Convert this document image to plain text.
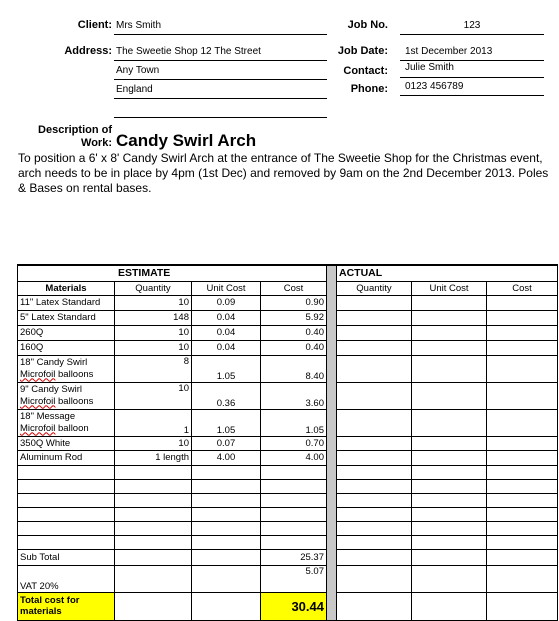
Client: Mrs Smith	Job No.	123
Address: The Sweetie Shop 12 The Street
Any Town
England
Job Date: 1st December 2013
Contact: Julie Smith
Phone: 0123 456789
Description of
Work: Candy Swirl Arch
To position a 6' x 8' Candy Swirl Arch at the entrance of The Sweetie Shop for the Christmas event, arch needs to be in place by 4pm (1st Dec) and removed by 9am on the 2nd December 2013. Poles & Bases on rental bases.
ESTIMATE					ACTUAL		
Materials	Quantity	Unit Cost	Cost		Quantity	Unit Cost	Cost
11" Latex Standard	10	0.09	0.90				
5" Latex Standard	148	0.04	5.92				
260Q	10	0.04	0.40				
160Q	10	0.04	0.40				
18" Candy Swirl
Microfoil balloons	8	1.05	8.40				
9" Candy Swirl
Microfoil balloons	10	0.36	3.60				
18" Message
Microfoil balloon	1	1.05	1.05				
350Q White	10	0.07	0.70				
Aluminum Rod	1 length	4.00	4.00				

Sub Total			25.37				
VAT 20%			5.07				
Total cost for materials			30.44				
